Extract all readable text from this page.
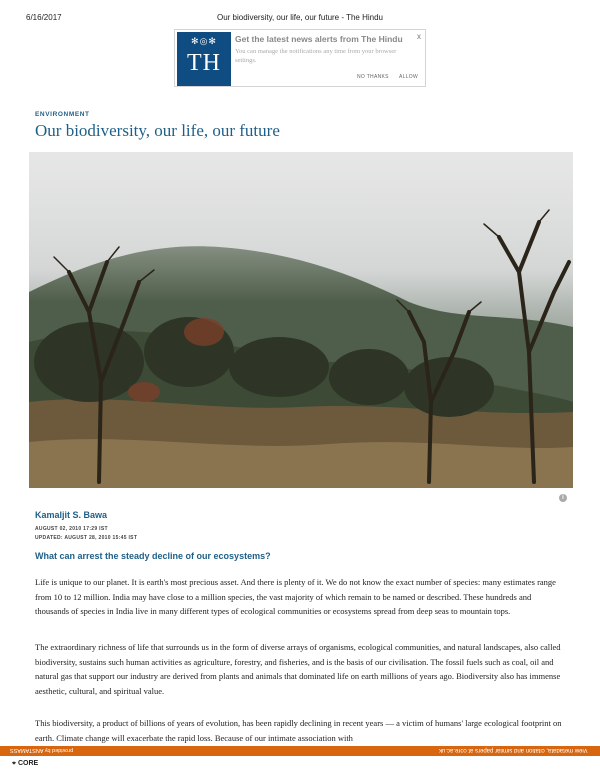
6/16/2017	Our biodiversity, our life, our future - The Hindu
✻◎✻
TH
Get the latest news alerts from The Hindu x
You can manage the notifications any time from your browser settings.
NO THANKS ALLOW
ENVIRONMENT
Our biodiversity, our life, our future
i
Kamaljit S. Bawa
AUGUST 02, 2010 17:29 IST
UPDATED: AUGUST 28, 2010 15:45 IST
What can arrest the steady decline of our ecosystems?

Life is unique to our planet. It is earth's most precious asset. And there is plenty of it. We do not know the exact number of species: many estimates range from 10 to 12 million. India may have close to a million species, the vast majority of which remain to be named or described. These hundreds and thousands of species in India live in many different types of ecological communities or ecosystems spread from deep seas to mountain tops.

The extraordinary richness of life that surrounds us in the form of diverse arrays of organisms, ecological communities, and natural landscapes, also called biodiversity, sustains such human activities as agriculture, forestry, and fisheries, and is the basis of our civilisation. The fossil fuels such as coal, oil and natural gas that support our industry are derived from plants and animals that dominated life on earth millions of years ago. Biodiversity also has immense aesthetic, cultural, and spiritual value.

This biodiversity, a product of billions of years of evolution, has been rapidly declining in recent years — a victim of humans' large ecological footprint on earth. Climate change will exacerbate the rapid loss. Because of our intimate association with

provided by ANSTAMASS	View metadata, citation and similar papers at core.ac.uk
⌖ CORE
